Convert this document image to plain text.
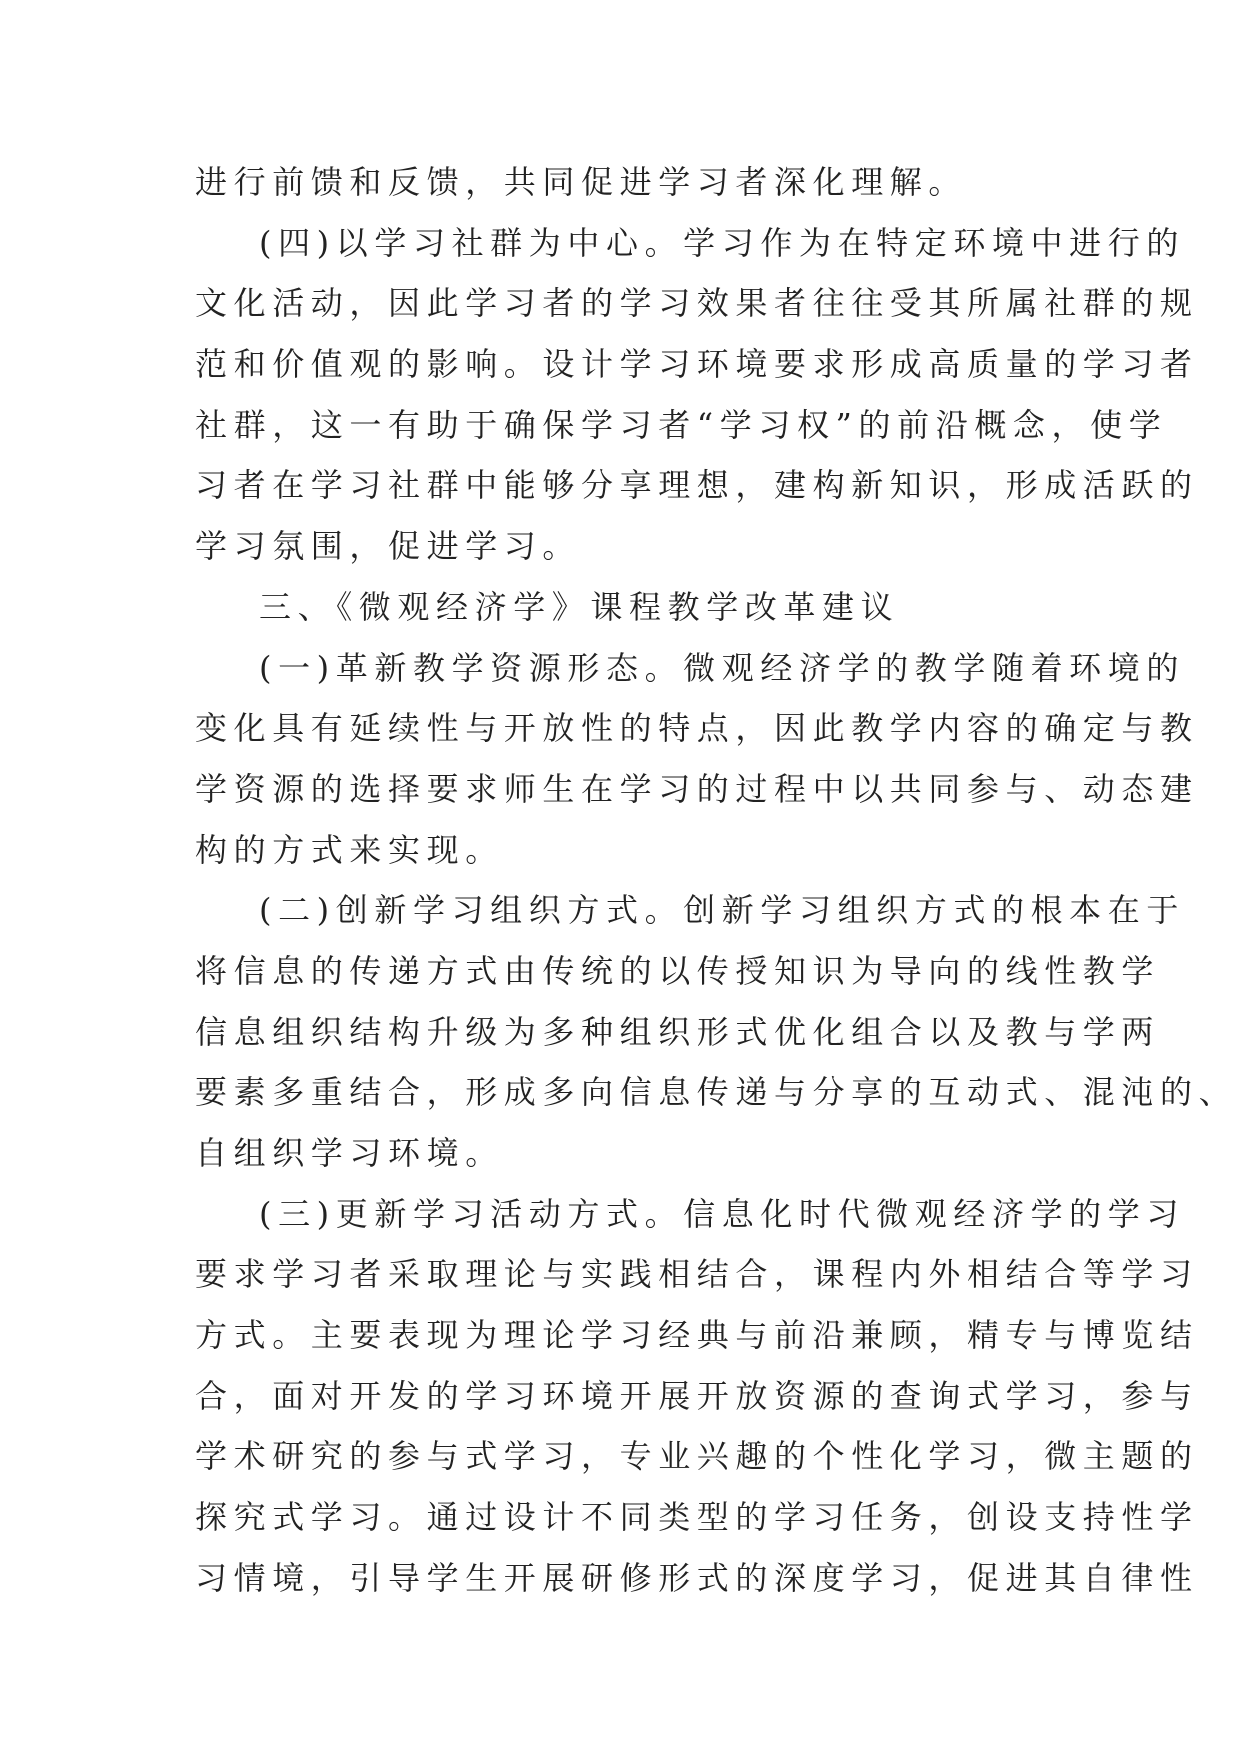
进行前馈和反馈，共同促进学习者深化理解。
(四)以学习社群为中心。学习作为在特定环境中进行的
文化活动，因此学习者的学习效果者往往受其所属社群的规
范和价值观的影响。设计学习环境要求形成高质量的学习者
社群，这一有助于确保学习者“学习权”的前沿概念，使学
习者在学习社群中能够分享理想，建构新知识，形成活跃的
学习氛围，促进学习。
三、《微观经济学》课程教学改革建议
(一)革新教学资源形态。微观经济学的教学随着环境的
变化具有延续性与开放性的特点，因此教学内容的确定与教
学资源的选择要求师生在学习的过程中以共同参与、动态建
构的方式来实现。
(二)创新学习组织方式。创新学习组织方式的根本在于
将信息的传递方式由传统的以传授知识为导向的线性教学
信息组织结构升级为多种组织形式优化组合以及教与学两
要素多重结合，形成多向信息传递与分享的互动式、混沌的、
自组织学习环境。
(三)更新学习活动方式。信息化时代微观经济学的学习
要求学习者采取理论与实践相结合，课程内外相结合等学习
方式。主要表现为理论学习经典与前沿兼顾，精专与博览结
合，面对开发的学习环境开展开放资源的查询式学习，参与
学术研究的参与式学习，专业兴趣的个性化学习，微主题的
探究式学习。通过设计不同类型的学习任务，创设支持性学
习情境，引导学生开展研修形式的深度学习，促进其自律性
